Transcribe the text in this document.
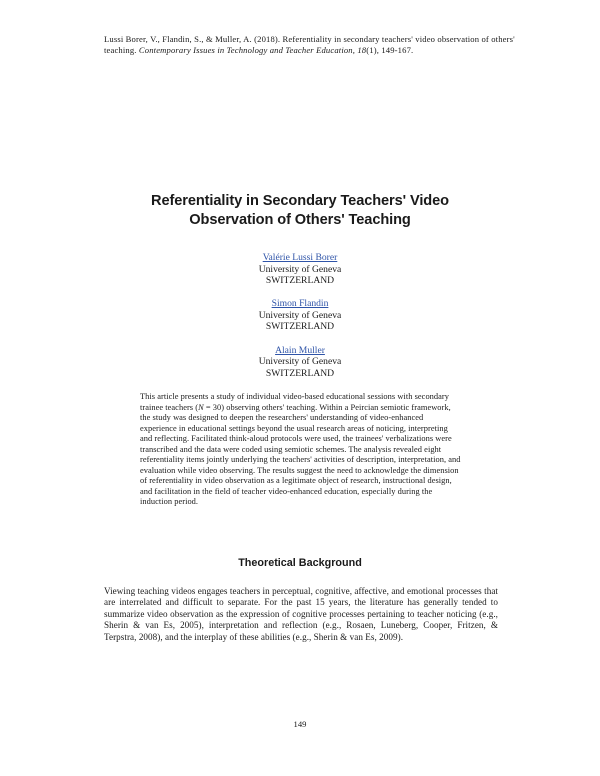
Lussi Borer, V., Flandin, S., & Muller, A. (2018). Referentiality in secondary teachers' video observation of others' teaching. Contemporary Issues in Technology and Teacher Education, 18(1), 149-167.
Referentiality in Secondary Teachers' Video
Observation of Others' Teaching
Valérie Lussi Borer
University of Geneva
SWITZERLAND
Simon Flandin
University of Geneva
SWITZERLAND
Alain Muller
University of Geneva
SWITZERLAND

This article presents a study of individual video-based educational sessions with secondary trainee teachers (N = 30) observing others' teaching. Within a Peircian semiotic framework, the study was designed to deepen the researchers' understanding of video-enhanced experience in educational settings beyond the usual research areas of noticing, interpreting and reflecting. Facilitated think-aloud protocols were used, the trainees' verbalizations were transcribed and the data were coded using semiotic schemes. The analysis revealed eight referentiality items jointly underlying the teachers' activities of description, interpretation, and evaluation while video observing. The results suggest the need to acknowledge the dimension of referentiality in video observation as a legitimate object of research, instructional design, and facilitation in the field of teacher video-enhanced education, especially during the induction period.

Theoretical Background

Viewing teaching videos engages teachers in perceptual, cognitive, affective, and emotional processes that are interrelated and difficult to separate. For the past 15 years, the literature has generally tended to summarize video observation as the expression of cognitive processes pertaining to teacher noticing (e.g., Sherin & van Es, 2005), interpretation and reflection (e.g., Rosaen, Luneberg, Cooper, Fritzen, & Terpstra, 2008), and the interplay of these abilities (e.g., Sherin & van Es, 2009).

149
